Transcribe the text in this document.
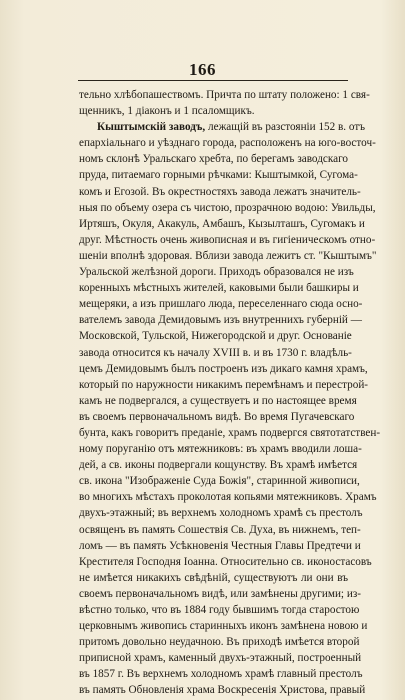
166
тельно хлѣбопашествомъ. Причта по штату положено: 1 свя-
щенникъ, 1 діаконъ и 1 псаломщикъ.
Кыштымскій заводъ, лежащій въ разстояніи 152 в. отъ
епархіальнаго и уѣзднаго города, расположенъ на юго-восточ-
номъ склонѣ Уральскаго хребта, по берегамъ заводскаго
пруда, питаемаго горными рѣчками: Кыштымкой, Сугома-
комъ и Егозой. Въ окрестностяхъ завода лежатъ значитель-
ныя по объему озера съ чистою, прозрачною водою: Увильды,
Иртяшъ, Окуля, Акакуль, Амбашъ, Кызылташъ, Сугомакъ и
друг. Мѣстность очень живописная и въ гигіеническомъ отно-
шеніи вполнѣ здоровая. Вблизи завода лежитъ ст. "Кыштымъ"
Уральской желѣзной дороги. Приходъ образовался не изъ
коренныхъ мѣстныхъ жителей, каковыми были башкиры и
мещеряки, а изъ пришлаго люда, переселеннаго сюда осно-
вателемъ завода Демидовымъ изъ внутреннихъ губерній —
Московской, Тульской, Нижегородской и друг. Основаніе
завода относится къ началу XVIII в. и въ 1730 г. владѣль-
цемъ Демидовымъ былъ построенъ изъ дикаго камня храмъ,
который по наружности никакимъ перемѣнамъ и перестрой-
камъ не подвергался, а существуетъ и по настоящее время
въ своемъ первоначальномъ видѣ. Во время Пугачевскаго
бунта, какъ говоритъ преданіе, храмъ подвергся святотатствен-
ному поруганію отъ мятежниковъ: въ храмъ вводили лоша-
дей, а св. иконы подвергали кощунству. Въ храмѣ имѣется
св. икона "Изображеніе Суда Божія", старинной живописи,
во многихъ мѣстахъ проколотая копьями мятежниковъ. Храмъ
двухъ-этажный; въ верхнемъ холодномъ храмѣ съ престолъ
освященъ въ память Сошествія Св. Духа, въ нижнемъ, теп-
ломъ — въ память Усѣкновенія Честныя Главы Предтечи и
Крестителя Господня Іоанна. Относительно св. иконостасовъ
не имѣется никакихъ свѣдѣній, существуютъ ли они въ
своемъ первоначальномъ видѣ, или замѣнены другими; из-
вѣстно только, что въ 1884 году бывшимъ тогда старостою
церковнымъ живопись старинныхъ иконъ замѣнена новою и
притомъ довольно неудачною. Въ приходѣ имѣется второй
приписной храмъ, каменный двухъ-этажный, построенный
въ 1857 г. Въ верхнемъ холодномъ храмѣ главный престолъ
въ память Обновленія храма Воскресенія Христова, правый
